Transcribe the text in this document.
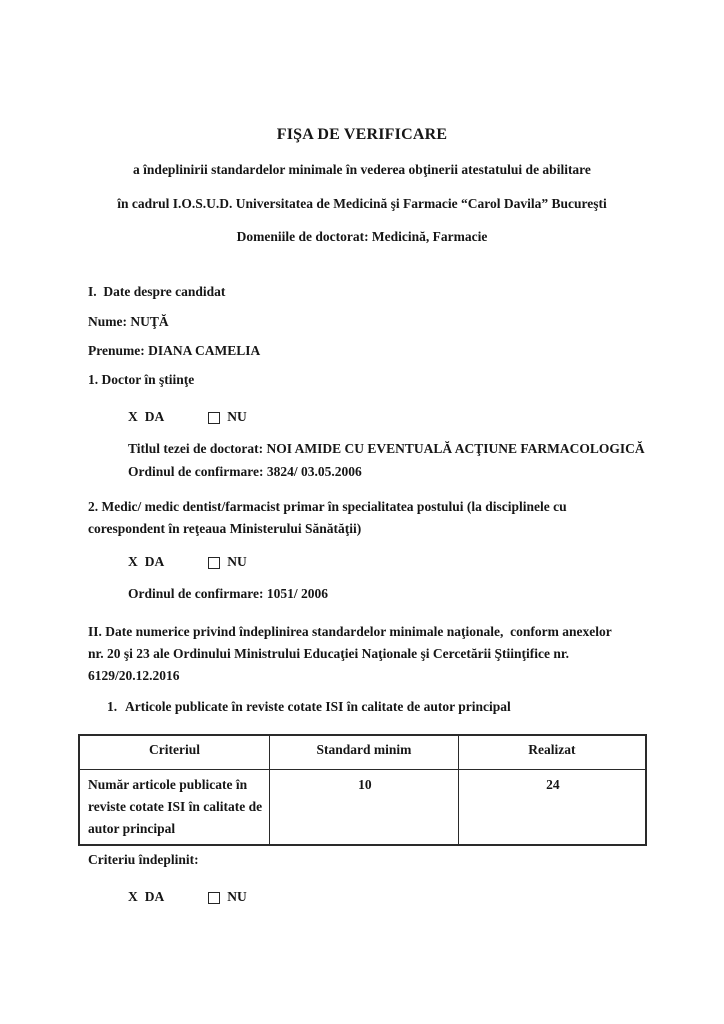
FIŞA DE VERIFICARE
a îndeplinirii standardelor minimale în vederea obţinerii atestatului de abilitare
în cadrul I.O.S.U.D. Universitatea de Medicină şi Farmacie “Carol Davila” Bucureşti
Domeniile de doctorat: Medicină, Farmacie
I.  Date despre candidat
Nume: NUŢĂ
Prenume: DIANA CAMELIA
1. Doctor în ştiinţe
X DA	NU
Titlul tezei de doctorat: NOI AMIDE CU EVENTUALĂ ACŢIUNE FARMACOLOGICĂ
Ordinul de confirmare: 3824/ 03.05.2006
2. Medic/ medic dentist/farmacist primar în specialitatea postului (la disciplinele cu
corespondent în reţeaua Ministerului Sănătăţii)
X DA	NU
Ordinul de confirmare: 1051/ 2006
II. Date numerice privind îndeplinirea standardelor minimale naţionale,  conform anexelor
nr. 20 şi 23 ale Ordinului Ministrului Educaţiei Naţionale şi Cercetării Ştiinţifice nr.
6129/20.12.2016
1. Articole publicate în reviste cotate ISI în calitate de autor principal
Criteriul	Standard minim	Realizat
Număr articole publicate în reviste cotate ISI în calitate de autor principal	10	24
Criteriu îndeplinit:
X DA	NU
